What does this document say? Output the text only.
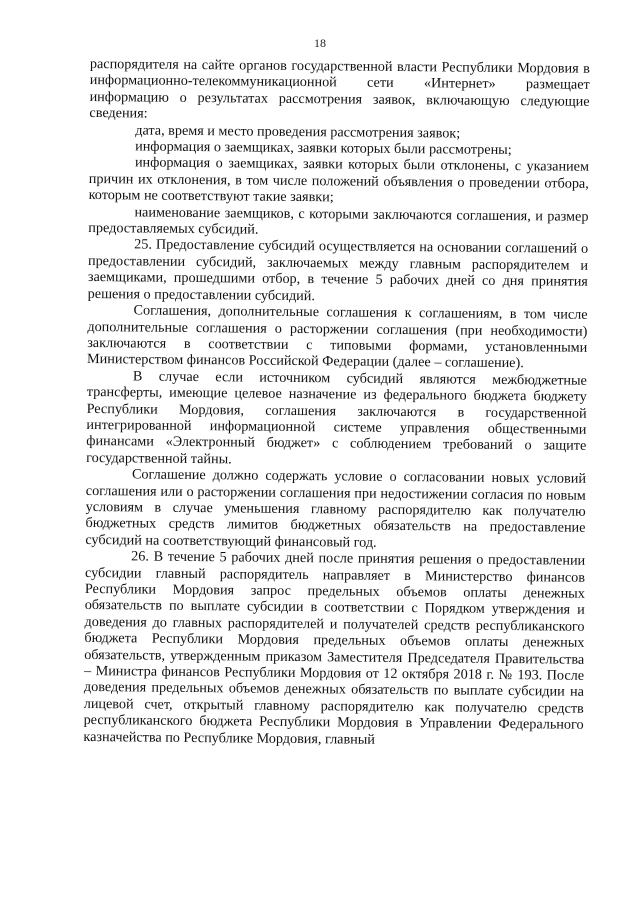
18

распорядителя на сайте органов государственной власти Республики Мордовия в информационно-телекоммуникационной сети «Интернет» размещает информацию о результатах рассмотрения заявок, включающую следующие сведения:

дата, время и место проведения рассмотрения заявок;

информация о заемщиках, заявки которых были рассмотрены;

информация о заемщиках, заявки которых были отклонены, с указанием причин их отклонения, в том числе положений объявления о проведении отбора, которым не соответствуют такие заявки;

наименование заемщиков, с которыми заключаются соглашения, и размер предоставляемых субсидий.

25. Предоставление субсидий осуществляется на основании соглашений о предоставлении субсидий, заключаемых между главным распорядителем и заемщиками, прошедшими отбор, в течение 5 рабочих дней со дня принятия решения о предоставлении субсидий.

Соглашения, дополнительные соглашения к соглашениям, в том числе дополнительные соглашения о расторжении соглашения (при необходимости) заключаются в соответствии с типовыми формами, установленными Министерством финансов Российской Федерации (далее – соглашение).

В случае если источником субсидий являются межбюджетные трансферты, имеющие целевое назначение из федерального бюджета бюджету Республики Мордовия, соглашения заключаются в государственной интегрированной информационной системе управления общественными финансами «Электронный бюджет» с соблюдением требований о защите государственной тайны.

Соглашение должно содержать условие о согласовании новых условий соглашения или о расторжении соглашения при недостижении согласия по новым условиям в случае уменьшения главному распорядителю как получателю бюджетных средств лимитов бюджетных обязательств на предоставление субсидий на соответствующий финансовый год.

26. В течение 5 рабочих дней после принятия решения о предоставлении субсидии главный распорядитель направляет в Министерство финансов Республики Мордовия запрос предельных объемов оплаты денежных обязательств по выплате субсидии в соответствии с Порядком утверждения и доведения до главных распорядителей и получателей средств республиканского бюджета Республики Мордовия предельных объемов оплаты денежных обязательств, утвержденным приказом Заместителя Председателя Правительства – Министра финансов Республики Мордовия от 12 октября 2018 г. № 193. После доведения предельных объемов денежных обязательств по выплате субсидии на лицевой счет, открытый главному распорядителю как получателю средств республиканского бюджета Республики Мордовия в Управлении Федерального казначейства по Республике Мордовия, главный
